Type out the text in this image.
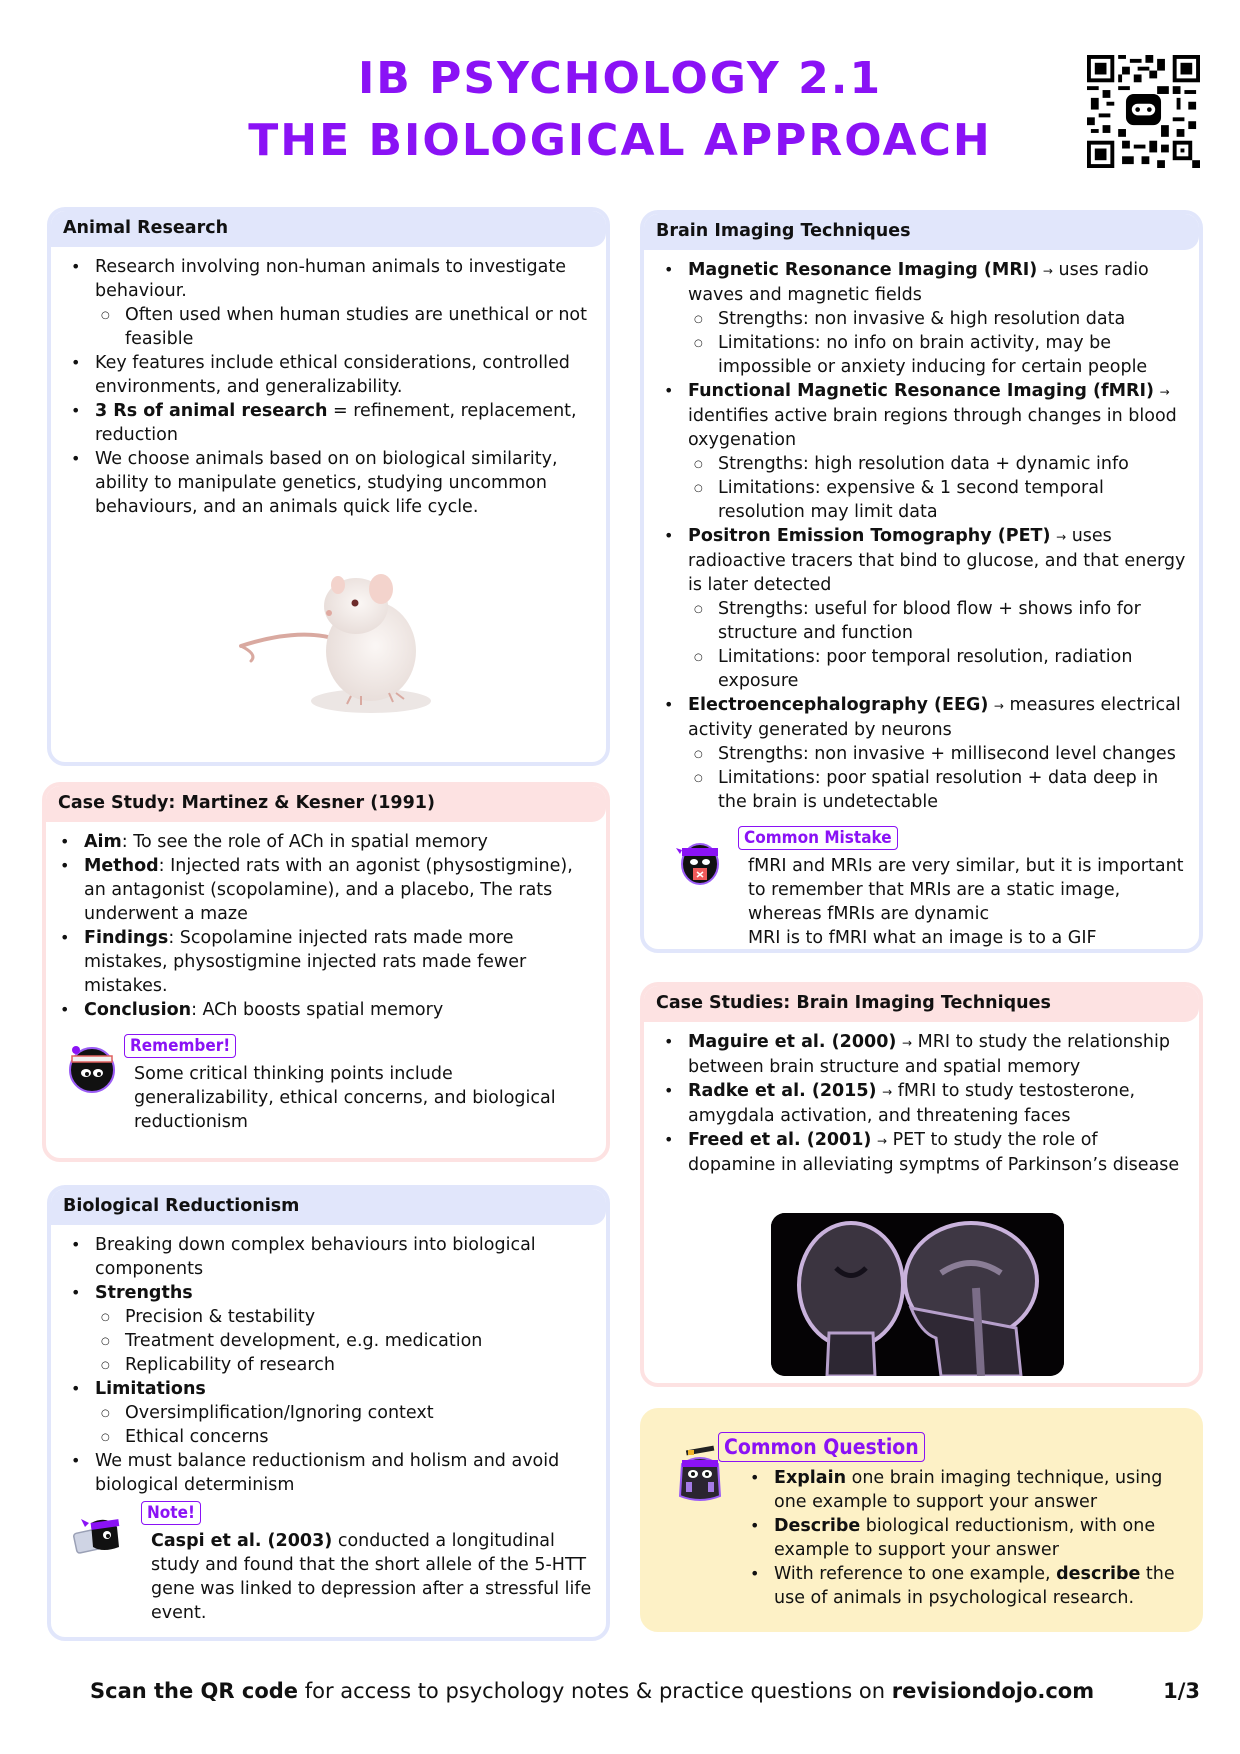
IB PSYCHOLOGY 2.1
THE BIOLOGICAL APPROACH
Animal Research
• Research involving non-human animals to investigate behaviour.
○ Often used when human studies are unethical or not feasible
• Key features include ethical considerations, controlled environments, and generalizability.
• 3 Rs of animal research = refinement, replacement, reduction
• We choose animals based on on biological similarity, ability to manipulate genetics, studying uncommon behaviours, and an animals quick life cycle.
Case Study: Martinez & Kesner (1991)
• Aim: To see the role of ACh in spatial memory
• Method: Injected rats with an agonist (physostigmine), an antagonist (scopolamine), and a placebo, The rats underwent a maze
• Findings: Scopolamine injected rats made more mistakes, physostigmine injected rats made fewer mistakes.
• Conclusion: ACh boosts spatial memory
Remember!
Some critical thinking points include generalizability, ethical concerns, and biological reductionism
Biological Reductionism
• Breaking down complex behaviours into biological components
• Strengths
○ Precision & testability
○ Treatment development, e.g. medication
○ Replicability of research
• Limitations
○ Oversimplification/Ignoring context
○ Ethical concerns
• We must balance reductionism and holism and avoid biological determinism
Note!
Caspi et al. (2003) conducted a longitudinal study and found that the short allele of the 5-HTT gene was linked to depression after a stressful life event.
Brain Imaging Techniques
• Magnetic Resonance Imaging (MRI) → uses radio waves and magnetic fields
○ Strengths: non invasive & high resolution data
○ Limitations: no info on brain activity, may be impossible or anxiety inducing for certain people
• Functional Magnetic Resonance Imaging (fMRI) → identifies active brain regions through changes in blood oxygenation
○ Strengths: high resolution data + dynamic info
○ Limitations: expensive & 1 second temporal resolution may limit data
• Positron Emission Tomography (PET) → uses radioactive tracers that bind to glucose, and that energy is later detected
○ Strengths: useful for blood flow + shows info for structure and function
○ Limitations: poor temporal resolution, radiation exposure
• Electroencephalography (EEG) → measures electrical activity generated by neurons
○ Strengths: non invasive + millisecond level changes
○ Limitations: poor spatial resolution + data deep in the brain is undetectable
Common Mistake
fMRI and MRIs are very similar, but it is important to remember that MRIs are a static image, whereas fMRIs are dynamic
MRI is to fMRI what an image is to a GIF
Case Studies: Brain Imaging Techniques
• Maguire et al. (2000) → MRI to study the relationship between brain structure and spatial memory
• Radke et al. (2015) → fMRI to study testosterone, amygdala activation, and threatening faces
• Freed et al. (2001) → PET to study the role of dopamine in alleviating symptms of Parkinson’s disease
Common Question
• Explain one brain imaging technique, using one example to support your answer
• Describe biological reductionism, with one example to support your answer
• With reference to one example, describe the use of animals in psychological research.
Scan the QR code for access to psychology notes & practice questions on revisiondojo.com	1/3
